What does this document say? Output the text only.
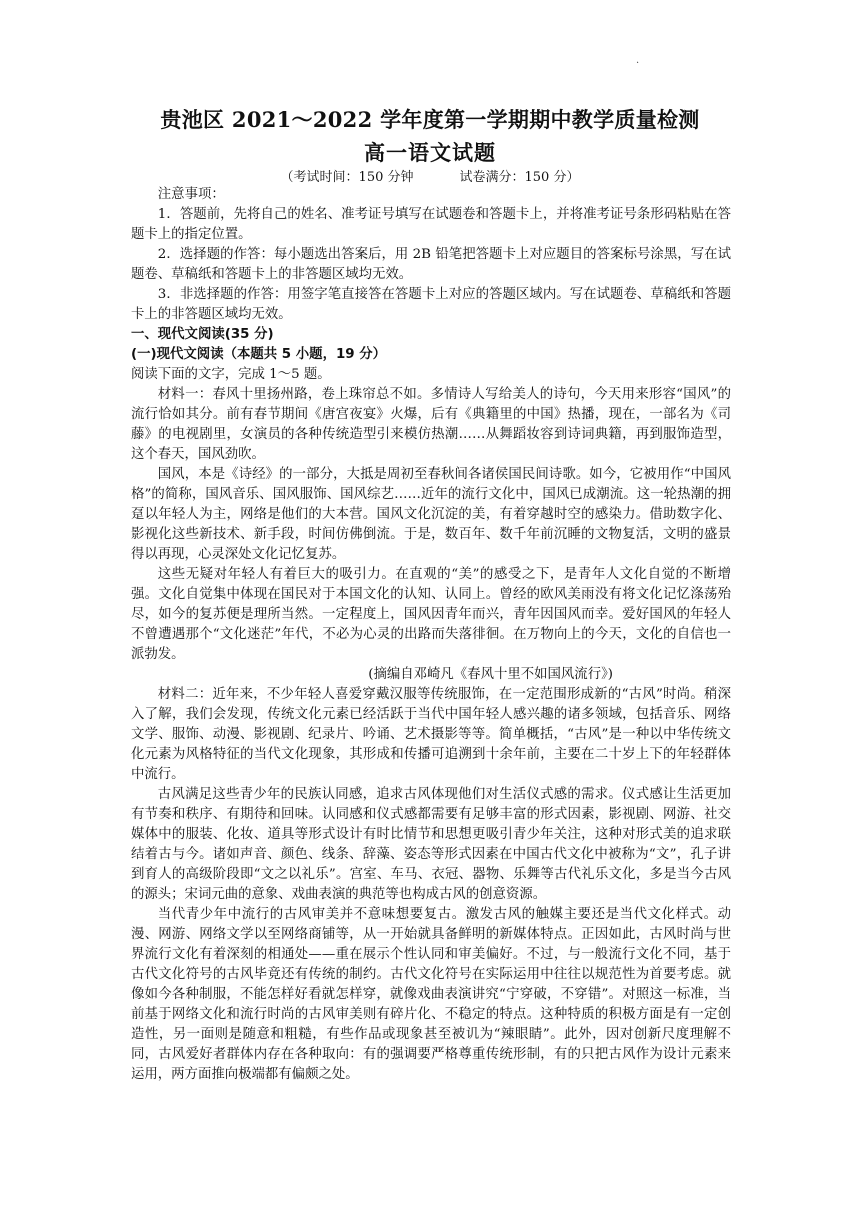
·
贵池区 2021～2022 学年度第一学期期中教学质量检测
高一语文试题
（考试时间：150 分钟	试卷满分：150 分）

注意事项：

1．答题前，先将自己的姓名、准考证号填写在试题卷和答题卡上，并将准考证号条形码粘贴在答题卡上的指定位置。

2．选择题的作答：每小题选出答案后，用 2B 铅笔把答题卡上对应题目的答案标号涂黑，写在试题卷、草稿纸和答题卡上的非答题区域均无效。

3．非选择题的作答：用签字笔直接答在答题卡上对应的答题区域内。写在试题卷、草稿纸和答题卡上的非答题区域均无效。

一、现代文阅读(35 分)

(一)现代文阅读（本题共 5 小题，19 分）

阅读下面的文字，完成 1～5 题。

材料一：春风十里扬州路，卷上珠帘总不如。多情诗人写给美人的诗句，今天用来形容“国风”的流行恰如其分。前有春节期间《唐宫夜宴》火爆，后有《典籍里的中国》热播，现在，一部名为《司藤》的电视剧里，女演员的各种传统造型引来模仿热潮……从舞蹈妆容到诗词典籍，再到服饰造型，这个春天，国风劲吹。

国风，本是《诗经》的一部分，大抵是周初至春秋间各诸侯国民间诗歌。如今，它被用作“中国风格”的简称，国风音乐、国风服饰、国风综艺……近年的流行文化中，国风已成潮流。这一轮热潮的拥趸以年轻人为主，网络是他们的大本营。国风文化沉淀的美，有着穿越时空的感染力。借助数字化、影视化这些新技术、新手段，时间仿佛倒流。于是，数百年、数千年前沉睡的文物复活，文明的盛景得以再现，心灵深处文化记忆复苏。

这些无疑对年轻人有着巨大的吸引力。在直观的“美”的感受之下，是青年人文化自觉的不断增强。文化自觉集中体现在国民对于本国文化的认知、认同上。曾经的欧风美雨没有将文化记忆涤荡殆尽，如今的复苏便是理所当然。一定程度上，国风因青年而兴，青年因国风而幸。爱好国风的年轻人不曾遭遇那个“文化迷茫”年代，不必为心灵的出路而失落徘徊。在万物向上的今天，文化的自信也一派勃发。

(摘编自邓崎凡《春风十里不如国风流行》)

材料二：近年来，不少年轻人喜爱穿戴汉服等传统服饰，在一定范围形成新的“古风”时尚。稍深入了解，我们会发现，传统文化元素已经活跃于当代中国年轻人感兴趣的诸多领域，包括音乐、网络文学、服饰、动漫、影视剧、纪录片、吟诵、艺术摄影等等。简单概括，“古风”是一种以中华传统文化元素为风格特征的当代文化现象，其形成和传播可追溯到十余年前，主要在二十岁上下的年轻群体中流行。

古风满足这些青少年的民族认同感，追求古风体现他们对生活仪式感的需求。仪式感让生活更加有节奏和秩序、有期待和回味。认同感和仪式感都需要有足够丰富的形式因素，影视剧、网游、社交媒体中的服装、化妆、道具等形式设计有时比情节和思想更吸引青少年关注，这种对形式美的追求联结着古与今。诸如声音、颜色、线条、辞藻、姿态等形式因素在中国古代文化中被称为“文”，孔子讲到育人的高级阶段即“文之以礼乐”。宫室、车马、衣冠、器物、乐舞等古代礼乐文化，多是当今古风的源头；宋词元曲的意象、戏曲表演的典范等也构成古风的创意资源。

当代青少年中流行的古风审美并不意味想要复古。激发古风的触媒主要还是当代文化样式。动漫、网游、网络文学以至网络商铺等，从一开始就具备鲜明的新媒体特点。正因如此，古风时尚与世界流行文化有着深刻的相通处——重在展示个性认同和审美偏好。不过，与一般流行文化不同，基于古代文化符号的古风毕竟还有传统的制约。古代文化符号在实际运用中往往以规范性为首要考虑。就像如今各种制服，不能怎样好看就怎样穿，就像戏曲表演讲究“宁穿破，不穿错”。对照这一标准，当前基于网络文化和流行时尚的古风审美则有碎片化、不稳定的特点。这种特质的积极方面是有一定创造性，另一面则是随意和粗糙，有些作品或现象甚至被讥为“辣眼睛”。此外，因对创新尺度理解不同，古风爱好者群体内存在各种取向：有的强调要严格尊重传统形制，有的只把古风作为设计元素来运用，两方面推向极端都有偏颇之处。
